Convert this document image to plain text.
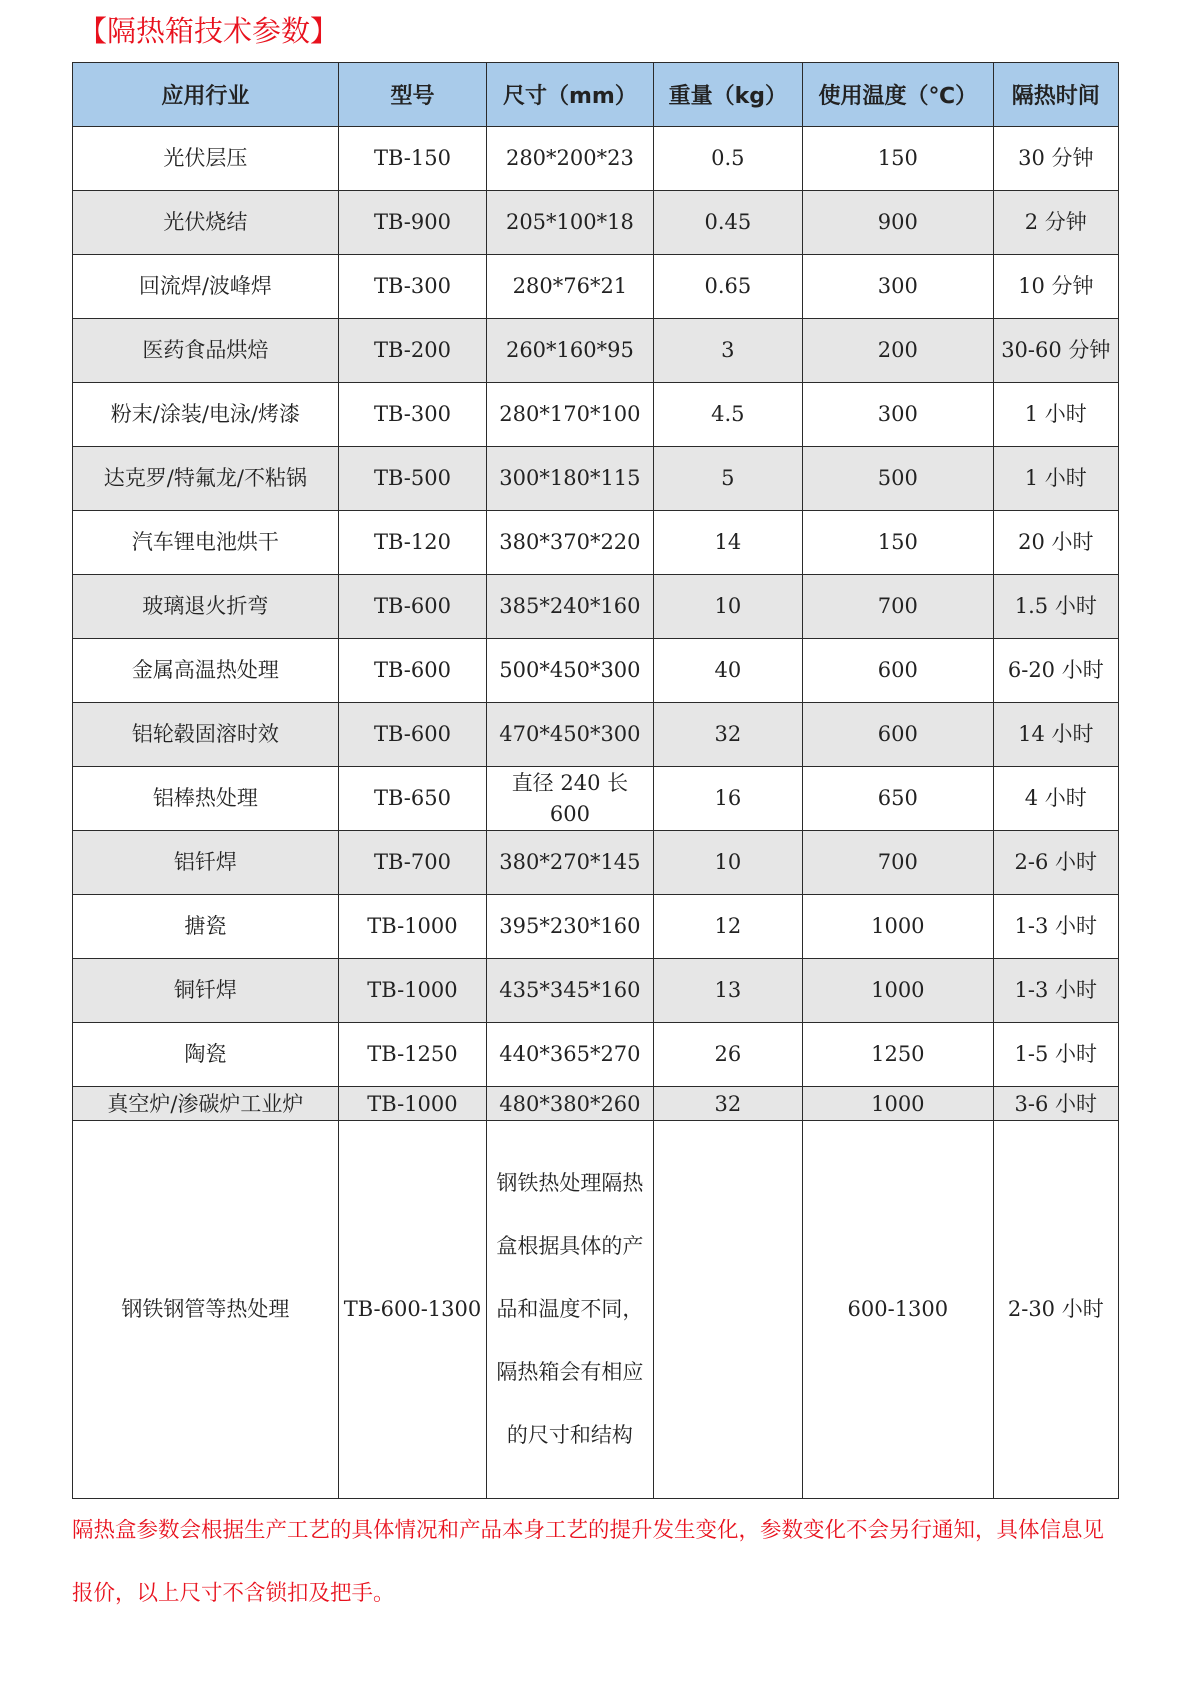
【隔热箱技术参数】
应用行业	型号	尺寸（mm）	重量（kg）	使用温度（℃）	隔热时间

光伏层压	TB-150	280*200*23	0.5	150	30 分钟

光伏烧结	TB-900	205*100*18	0.45	900	2 分钟

回流焊/波峰焊	TB-300	280*76*21	0.65	300	10 分钟

医药食品烘焙	TB-200	260*160*95	3	200	30-60 分钟

粉末/涂装/电泳/烤漆	TB-300	280*170*100	4.5	300	1 小时

达克罗/特氟龙/不粘锅	TB-500	300*180*115	5	500	1 小时

汽车锂电池烘干	TB-120	380*370*220	14	150	20 小时

玻璃退火折弯	TB-600	385*240*160	10	700	1.5 小时

金属高温热处理	TB-600	500*450*300	40	600	6-20 小时

铝轮毂固溶时效	TB-600	470*450*300	32	600	14 小时

铝棒热处理	TB-650	直径 240 长 600	16	650	4 小时

铝钎焊	TB-700	380*270*145	10	700	2-6 小时

搪瓷	TB-1000	395*230*160	12	1000	1-3 小时

铜钎焊	TB-1000	435*345*160	13	1000	1-3 小时

陶瓷	TB-1250	440*365*270	26	1250	1-5 小时

真空炉/渗碳炉工业炉	TB-1000	480*380*260	32	1000	3-6 小时

钢铁钢管等热处理	TB-600-1300	钢铁热处理隔热盒根据具体的产品和温度不同，隔热箱会有相应的尺寸和结构		600-1300	2-30 小时
隔热盒参数会根据生产工艺的具体情况和产品本身工艺的提升发生变化，参数变化不会另行通知，具体信息见报价，以上尺寸不含锁扣及把手。
